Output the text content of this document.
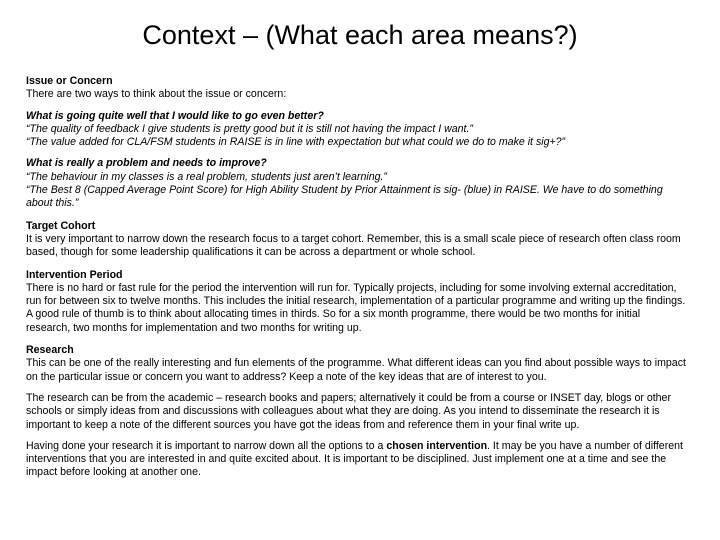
Context – (What each area means?)
Issue or Concern
There are two ways to think about the issue or concern:
What is going quite well that I would like to go even better?
“The quality of feedback I give students is pretty good but it is still not having the impact I want.”
“The value added for CLA/FSM students in RAISE is in line with expectation but what could we do to make it sig+?”
What is really a problem and needs to improve?
“The behaviour in my classes is a real problem, students just aren’t learning.”
“The Best 8 (Capped Average Point Score) for High Ability Student by Prior Attainment is sig- (blue) in RAISE. We have to do something about this.”
Target Cohort
It is very important to narrow down the research focus to a target cohort. Remember, this is a small scale piece of research often class room based, though for some leadership qualifications it can be across a department or whole school.
Intervention Period
There is no hard or fast rule for the period the intervention will run for. Typically projects, including for some involving external accreditation, run for between six to twelve months. This includes the initial research, implementation of a particular programme and writing up the findings. A good rule of thumb is to think about allocating times in thirds. So for a six month programme, there would be two months for initial research, two months for implementation and two months for writing up.
Research
This can be one of the really interesting and fun elements of the programme. What different ideas can you find about possible ways to impact on the particular issue or concern you want to address? Keep a note of the key ideas that are of interest to you.
The research can be from the academic – research books and papers; alternatively it could be from a course or INSET day, blogs or other schools or simply ideas from and discussions with colleagues about what they are doing. As you intend to disseminate the research it is important to keep a note of the different sources you have got the ideas from and reference them in your final write up.
Having done your research it is important to narrow down all the options to a chosen intervention. It may be you have a number of different interventions that you are interested in and quite excited about. It is important to be disciplined. Just implement one at a time and see the impact before looking at another one.
